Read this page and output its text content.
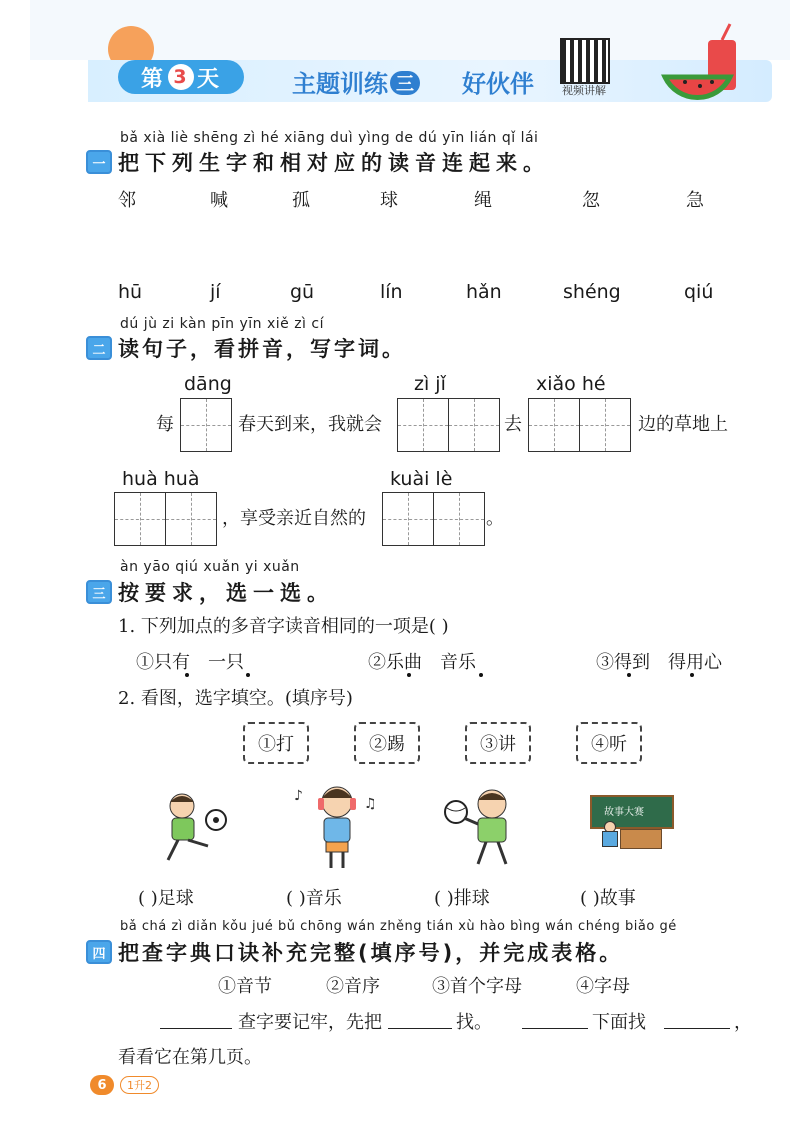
第 3 天	主题训练 三 好伙伴	视频讲解
bǎ xià liè shēng zì hé xiāng duì yìng de dú yīn lián qǐ lái
一 把下列生字和相对应的读音连起来。
邻	喊	孤	球	绳	忽	急
hū	jí	gū	lín	hǎn	shéng	qiú
dú jù zi kàn pīn yīn xiě zì cí
二 读句子，看拼音，写字词。
dāng	zì jǐ	xiǎo hé
每	春天到来，我就会	去	边的草地上
huà huà	kuài lè
，享受亲近自然的	。
àn yāo qiú xuǎn yi xuǎn
三 按要求，选一选。
1. 下列加点的多音字读音相同的一项是( )
①只有　一只	②乐曲　音乐	③得到　得用心
2. 看图，选字填空。(填序号)
①打	②踢	③讲	④听
♪	♫
故事大赛
( )足球	( )音乐	( )排球	( )故事
bǎ chá zì diǎn kǒu jué bǔ chōng wán zhěng tián xù hào bìng wán chéng biǎo gé
四 把查字典口诀补充完整(填序号)，并完成表格。
①音节	②音序	③首个字母	④字母
查字要记牢，先把	找。	下面找	，
看看它在第几页。
6	1升2
